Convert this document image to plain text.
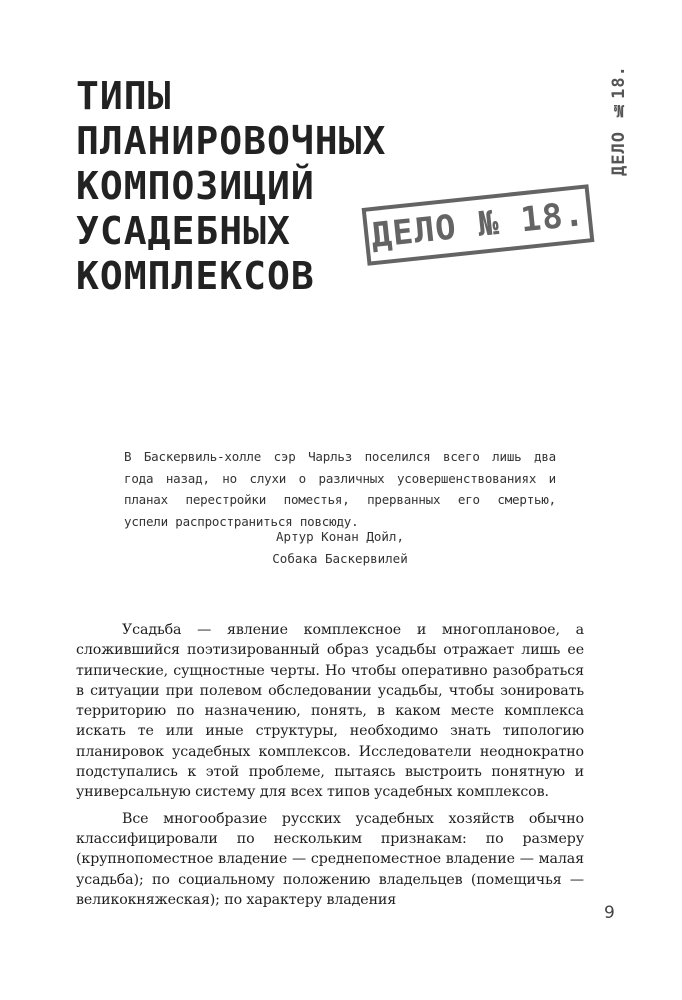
ТИПЫ
ПЛАНИРОВОЧНЫХ
КОМПОЗИЦИЙ
УСАДЕБНЫХ
КОМПЛЕКСОВ
ДЕЛО № 18.
ДЕЛО №18.

В Баскервиль-холле сэр Чарльз поселился всего лишь два года назад, но слухи о различных усовершенствованиях и планах перестройки поместья, прерванных его смертью, успели распространиться повсюду.

Артур Конан Дойл,
Собака Баскервилей

Усадьба — явление комплексное и многоплановое, а сложившийся поэтизированный образ усадьбы отражает лишь ее типические, сущностные черты. Но чтобы оперативно разобраться в ситуации при полевом обследовании усадьбы, чтобы зонировать территорию по назначению, понять, в каком месте комплекса искать те или иные структуры, необходимо знать типологию планировок усадебных комплексов. Исследователи неоднократно подступались к этой проблеме, пытаясь выстроить понятную и универсальную систему для всех типов усадебных комплексов.

Все многообразие русских усадебных хозяйств обычно классифицировали по нескольким признакам: по размеру (крупнопоместное владение — среднепоместное владение — малая усадьба); по социальному положению владельцев (помещичья — великокняжеская); по характеру владения

9
